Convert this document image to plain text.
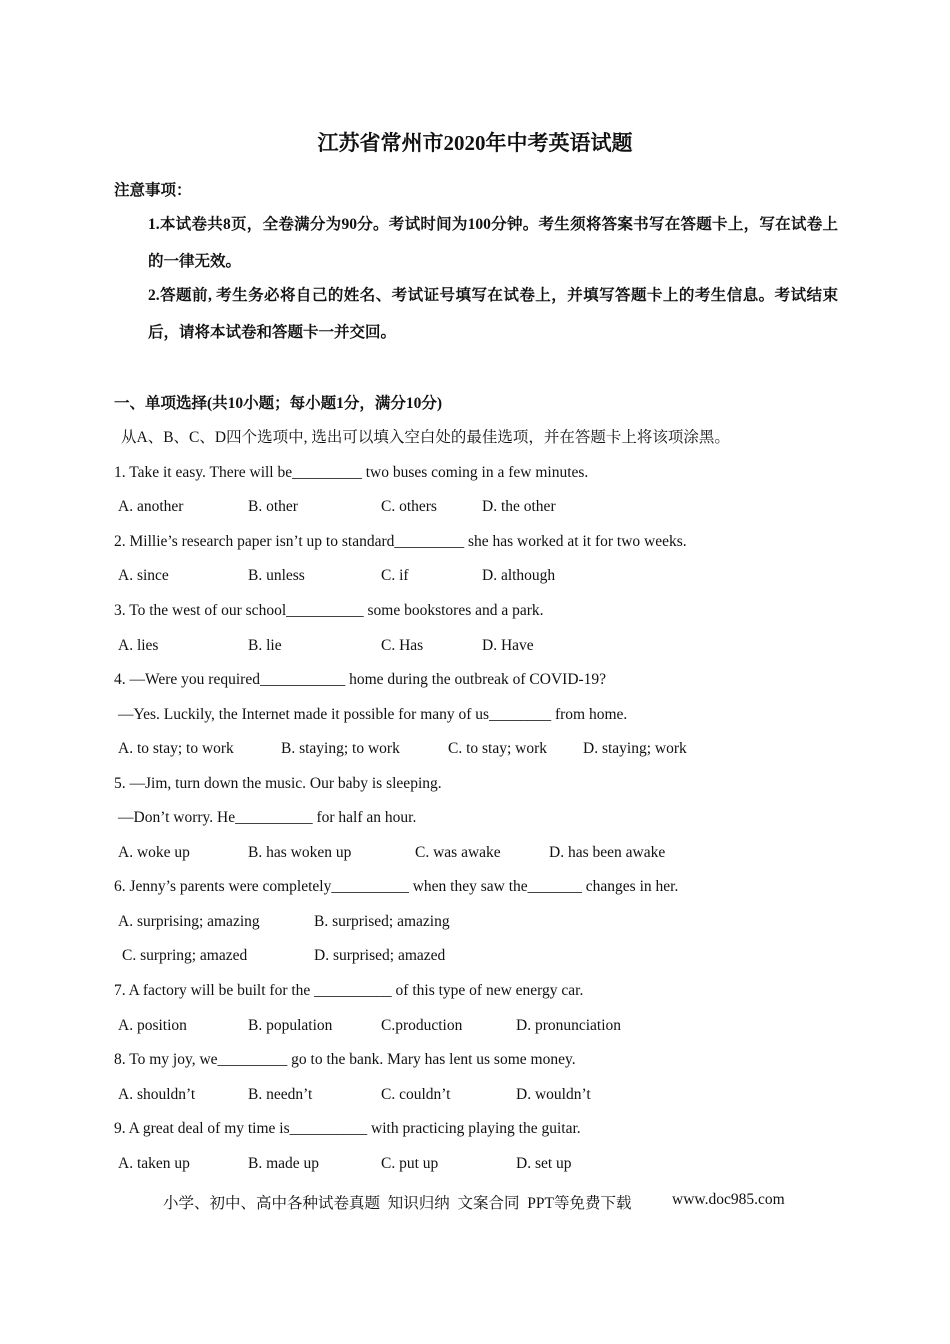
江苏省常州市2020年中考英语试题
注意事项：
1.本试卷共8页，全卷满分为90分。考试时间为100分钟。考生须将答案书写在答题卡上，写在试卷上的一律无效。
2.答题前, 考生务必将自己的姓名、考试证号填写在试卷上，并填写答题卡上的考生信息。考试结束后，请将本试卷和答题卡一并交回。
一、单项选择(共10小题；每小题1分，满分10分)
从A、B、C、D四个选项中, 选出可以填入空白处的最佳选项，并在答题卡上将该项涂黑。
1. Take it easy. There will be_________ two buses coming in a few minutes.
A. another	B. other	C. others	D. the other
2. Millie’s research paper isn’t up to standard_________ she has worked at it for two weeks.
A. since	B. unless	C. if	D. although
3. To the west of our school__________ some bookstores and a park.
A. lies	B. lie	C. Has	D. Have
4. —Were you required___________ home during the outbreak of COVID-19?
—Yes. Luckily, the Internet made it possible for many of us________ from home.
A. to stay; to work	B. staying; to work	C. to stay; work D. staying; work
5. —Jim, turn down the music. Our baby is sleeping.
—Don’t worry. He__________ for half an hour.
A. woke up	B. has woken up	C. was awake	D. has been awake
6. Jenny’s parents were completely__________ when they saw the_______ changes in her.
A. surprising; amazing	B. surprised; amazing
C. surpring; amazed	D. surprised; amazed
7. A factory will be built for the __________ of this type of new energy car.
A. position	B. population	C.production	D. pronunciation
8. To my joy, we_________ go to the bank. Mary has lent us some money.
A. shouldn’t	B. needn’t	C. couldn’t	D. wouldn’t
9. A great deal of my time is__________ with practicing playing the guitar.
A. taken up	B. made up	C. put up	D. set up
小学、初中、高中各种试卷真题  知识归纳  文案合同  PPT等免费下载	www.doc985.com
